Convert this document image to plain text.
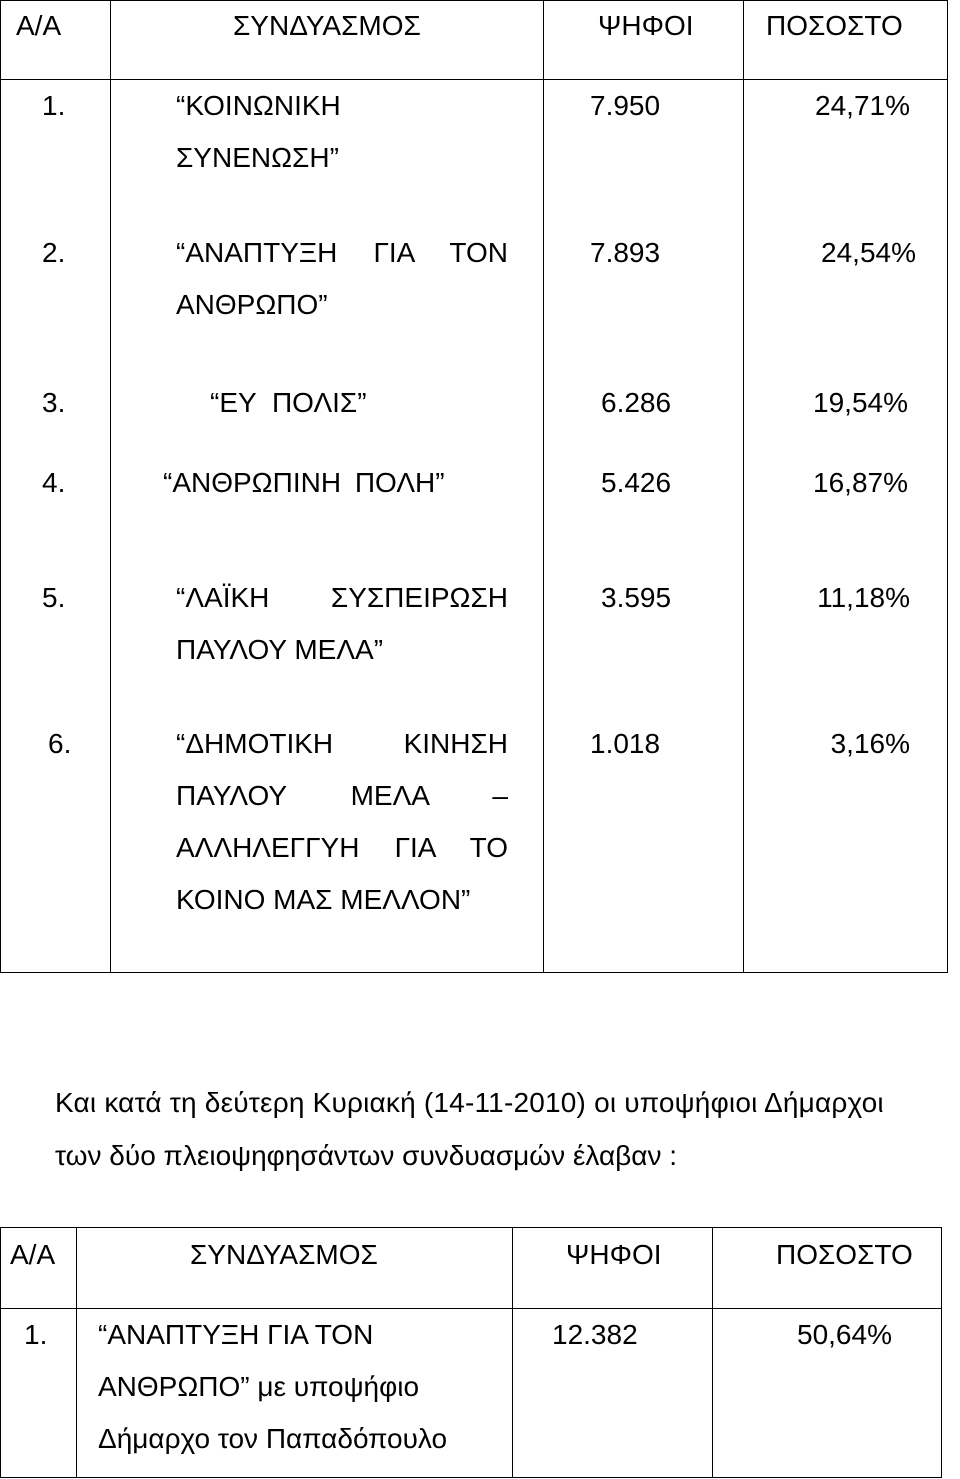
Α/Α	ΣΥΝΔΥΑΣΜΟΣ	ΨΗΦΟΙ	ΠΟΣΟΣΤΟ
1.	“ΚΟΙΝΩΝΙΚΗ
ΣΥΝΕΝΩΣΗ”
7.950	24,71%
2.	“ΑΝΑΠΤΥΞΗ ΓΙΑ ΤΟΝ
ΑΝΘΡΩΠΟ”
7.893	24,54%
3.	“ΕΥ ΠΟΛΙΣ”	6.286	19,54%
4.	“ΑΝΘΡΩΠΙΝΗ ΠΟΛΗ”	5.426	16,87%
5.	“ΛΑΪΚΗ ΣΥΣΠΕΙΡΩΣΗ
ΠΑΥΛΟΥ ΜΕΛΑ”
3.595	11,18%
6.	“ΔΗΜΟΤΙΚΗ ΚΙΝΗΣΗ
ΠΑΥΛΟΥ ΜΕΛΑ –
ΑΛΛΗΛΕΓΓΥΗ ΓΙΑ ΤΟ
ΚΟΙΝΟ ΜΑΣ ΜΕΛΛΟΝ”
1.018	3,16%
Και κατά τη δεύτερη Κυριακή (14-11-2010) οι υποψήφιοι Δήμαρχοι
των δύο πλειοψηφησάντων συνδυασμών έλαβαν :
Α/Α	ΣΥΝΔΥΑΣΜΟΣ	ΨΗΦΟΙ	ΠΟΣΟΣΤΟ
1. “ΑΝΑΠΤΥΞΗ ΓΙΑ ΤΟΝ
ΑΝΘΡΩΠΟ” με υποψήφιο
Δήμαρχο τον Παπαδόπουλο
12.382	50,64%
